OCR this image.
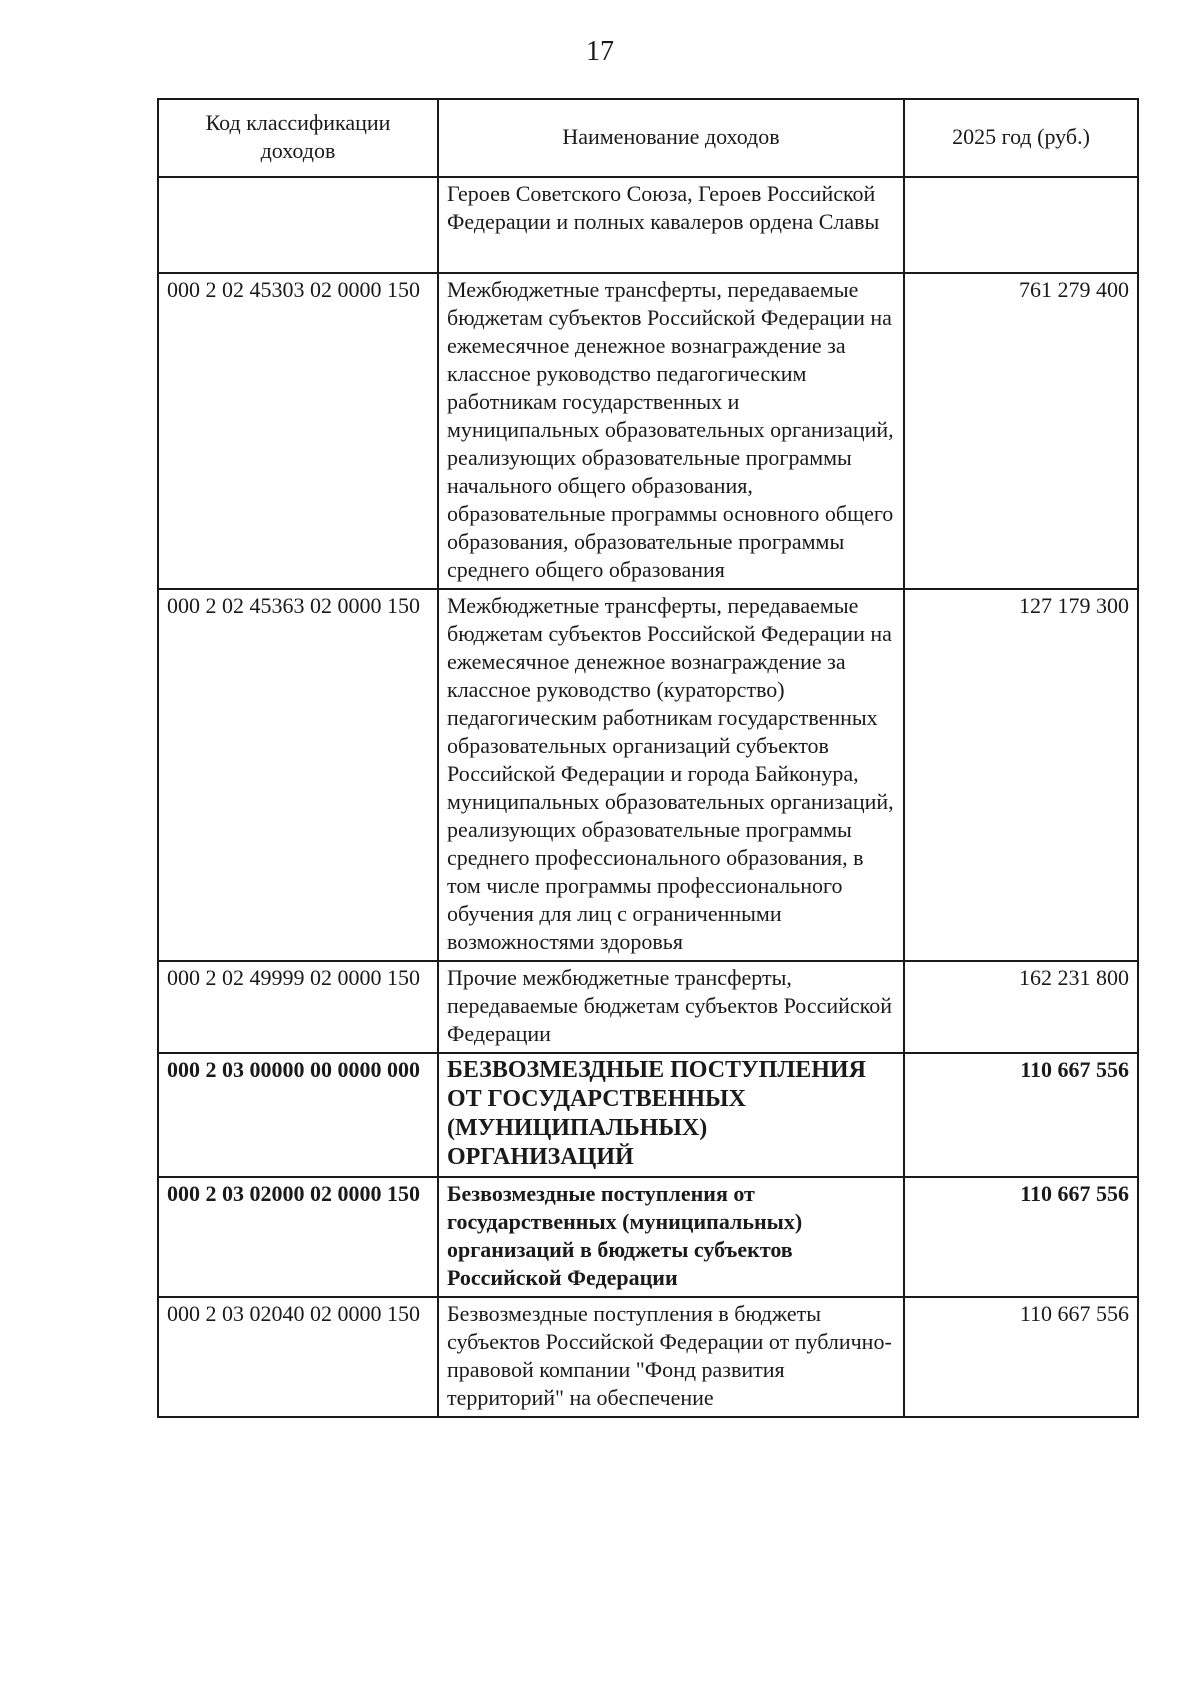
17
Код классификации доходов	Наименование доходов	2025 год (руб.)
	Героев Советского Союза, Героев Российской Федерации и полных кавалеров ордена Славы	
000 2 02 45303 02 0000 150	Межбюджетные трансферты, передаваемые бюджетам субъектов Российской Федерации на ежемесячное денежное вознаграждение за классное руководство педагогическим работникам государственных и муниципальных образовательных организаций, реализующих образовательные программы начального общего образования, образовательные программы основного общего образования, образовательные программы среднего общего образования	761 279 400
000 2 02 45363 02 0000 150	Межбюджетные трансферты, передаваемые бюджетам субъектов Российской Федерации на ежемесячное денежное вознаграждение за классное руководство (кураторство) педагогическим работникам государственных образовательных организаций субъектов Российской Федерации и города Байконура, муниципальных образовательных организаций, реализующих образовательные программы среднего профессионального образования, в том числе программы профессионального обучения для лиц с ограниченными возможностями здоровья	127 179 300
000 2 02 49999 02 0000 150	Прочие межбюджетные трансферты, передаваемые бюджетам субъектов Российской Федерации	162 231 800
000 2 03 00000 00 0000 000	БЕЗВОЗМЕЗДНЫЕ ПОСТУПЛЕНИЯ ОТ ГОСУДАРСТВЕННЫХ (МУНИЦИПАЛЬНЫХ) ОРГАНИЗАЦИЙ	110 667 556
000 2 03 02000 02 0000 150	Безвозмездные поступления от государственных (муниципальных) организаций в бюджеты субъектов Российской Федерации	110 667 556
000 2 03 02040 02 0000 150	Безвозмездные поступления в бюджеты субъектов Российской Федерации от публично-правовой компании "Фонд развития территорий" на обеспечение	110 667 556
